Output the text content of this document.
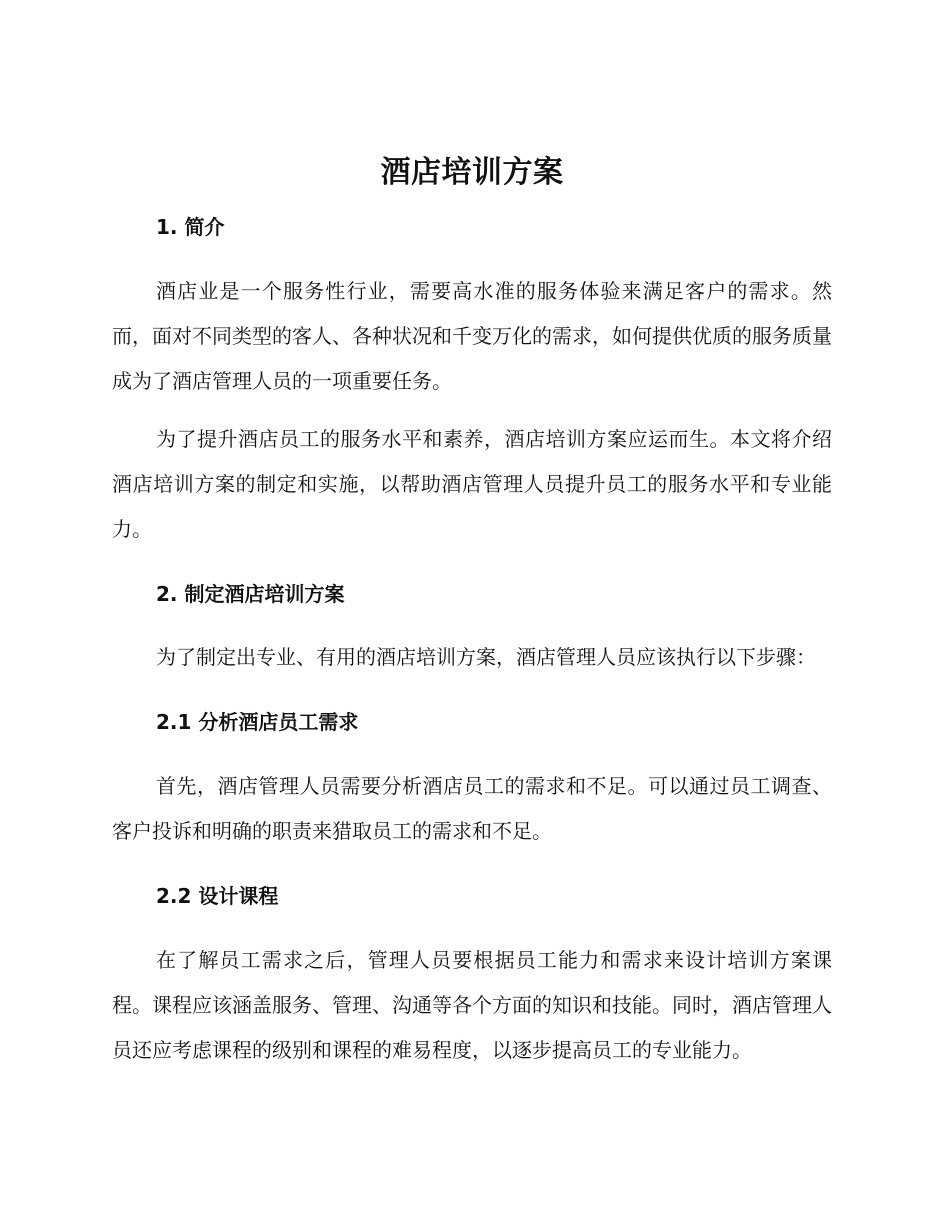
酒店培训方案
1. 简介

酒店业是一个服务性行业，需要高水准的服务体验来满足客户的需求。然而，面对不同类型的客人、各种状况和千变万化的需求，如何提供优质的服务质量成为了酒店管理人员的一项重要任务。

为了提升酒店员工的服务水平和素养，酒店培训方案应运而生。本文将介绍酒店培训方案的制定和实施，以帮助酒店管理人员提升员工的服务水平和专业能力。

2. 制定酒店培训方案

为了制定出专业、有用的酒店培训方案，酒店管理人员应该执行以下步骤：

2.1 分析酒店员工需求

首先，酒店管理人员需要分析酒店员工的需求和不足。可以通过员工调查、客户投诉和明确的职责来猎取员工的需求和不足。

2.2 设计课程

在了解员工需求之后，管理人员要根据员工能力和需求来设计培训方案课程。课程应该涵盖服务、管理、沟通等各个方面的知识和技能。同时，酒店管理人员还应考虑课程的级别和课程的难易程度，以逐步提高员工的专业能力。
